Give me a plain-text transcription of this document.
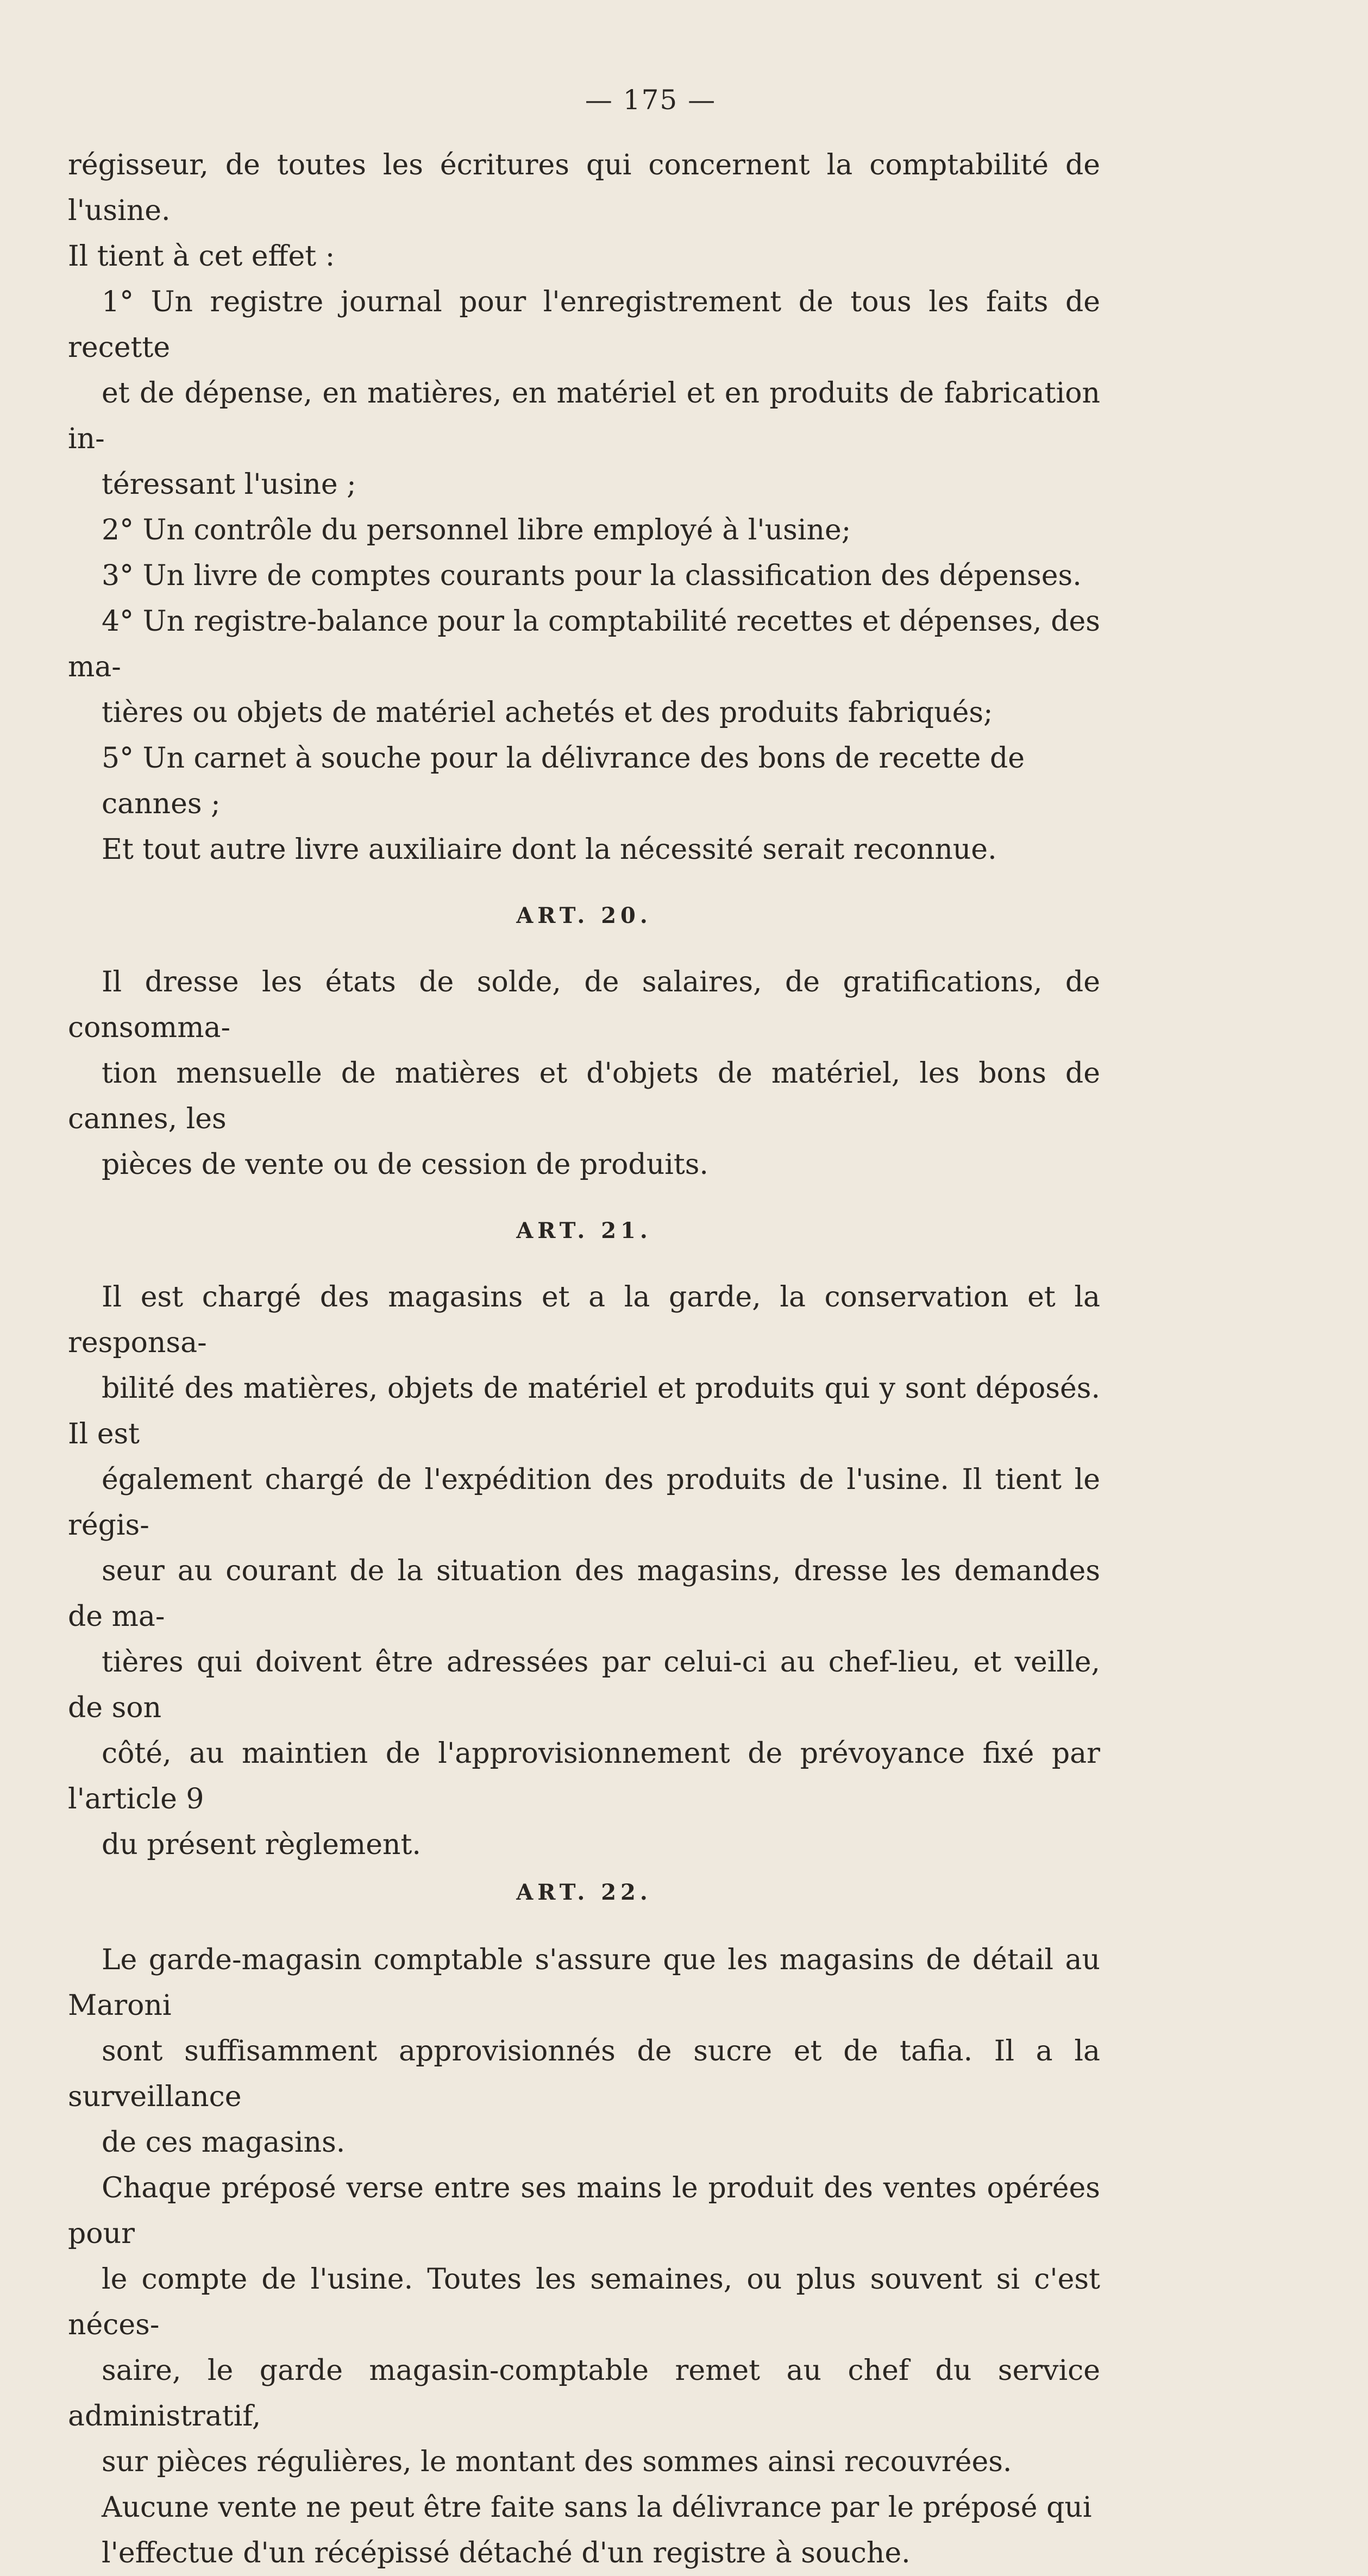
— 175 —

régisseur, de toutes les écritures qui concernent la comptabilité de l'usine.
Il tient à cet effet :

1° Un registre journal pour l'enregistrement de tous les faits de recette
et de dépense, en matières, en matériel et en produits de fabrication in-
téressant l'usine ;

2° Un contrôle du personnel libre employé à l'usine;

3° Un livre de comptes courants pour la classification des dépenses.

4° Un registre-balance pour la comptabilité recettes et dépenses, des ma-
tières ou objets de matériel achetés et des produits fabriqués;

5° Un carnet à souche pour la délivrance des bons de recette de
cannes ;

Et tout autre livre auxiliaire dont la nécessité serait reconnue.

ART. 20.

Il dresse les états de solde, de salaires, de gratifications, de consomma-
tion mensuelle de matières et d'objets de matériel, les bons de cannes, les
pièces de vente ou de cession de produits.

ART. 21.

Il est chargé des magasins et a la garde, la conservation et la responsa-
bilité des matières, objets de matériel et produits qui y sont déposés. Il est
également chargé de l'expédition des produits de l'usine. Il tient le régis-
seur au courant de la situation des magasins, dresse les demandes de ma-
tières qui doivent être adressées par celui-ci au chef-lieu, et veille, de son
côté, au maintien de l'approvisionnement de prévoyance fixé par l'article 9
du présent règlement.

ART. 22.

Le garde-magasin comptable s'assure que les magasins de détail au Maroni
sont suffisamment approvisionnés de sucre et de tafia. Il a la surveillance
de ces magasins.

Chaque préposé verse entre ses mains le produit des ventes opérées pour
le compte de l'usine. Toutes les semaines, ou plus souvent si c'est néces-
saire, le garde magasin-comptable remet au chef du service administratif,
sur pièces régulières, le montant des sommes ainsi recouvrées.

Aucune vente ne peut être faite sans la délivrance par le préposé qui
l'effectue d'un récépissé détaché d'un registre à souche.
